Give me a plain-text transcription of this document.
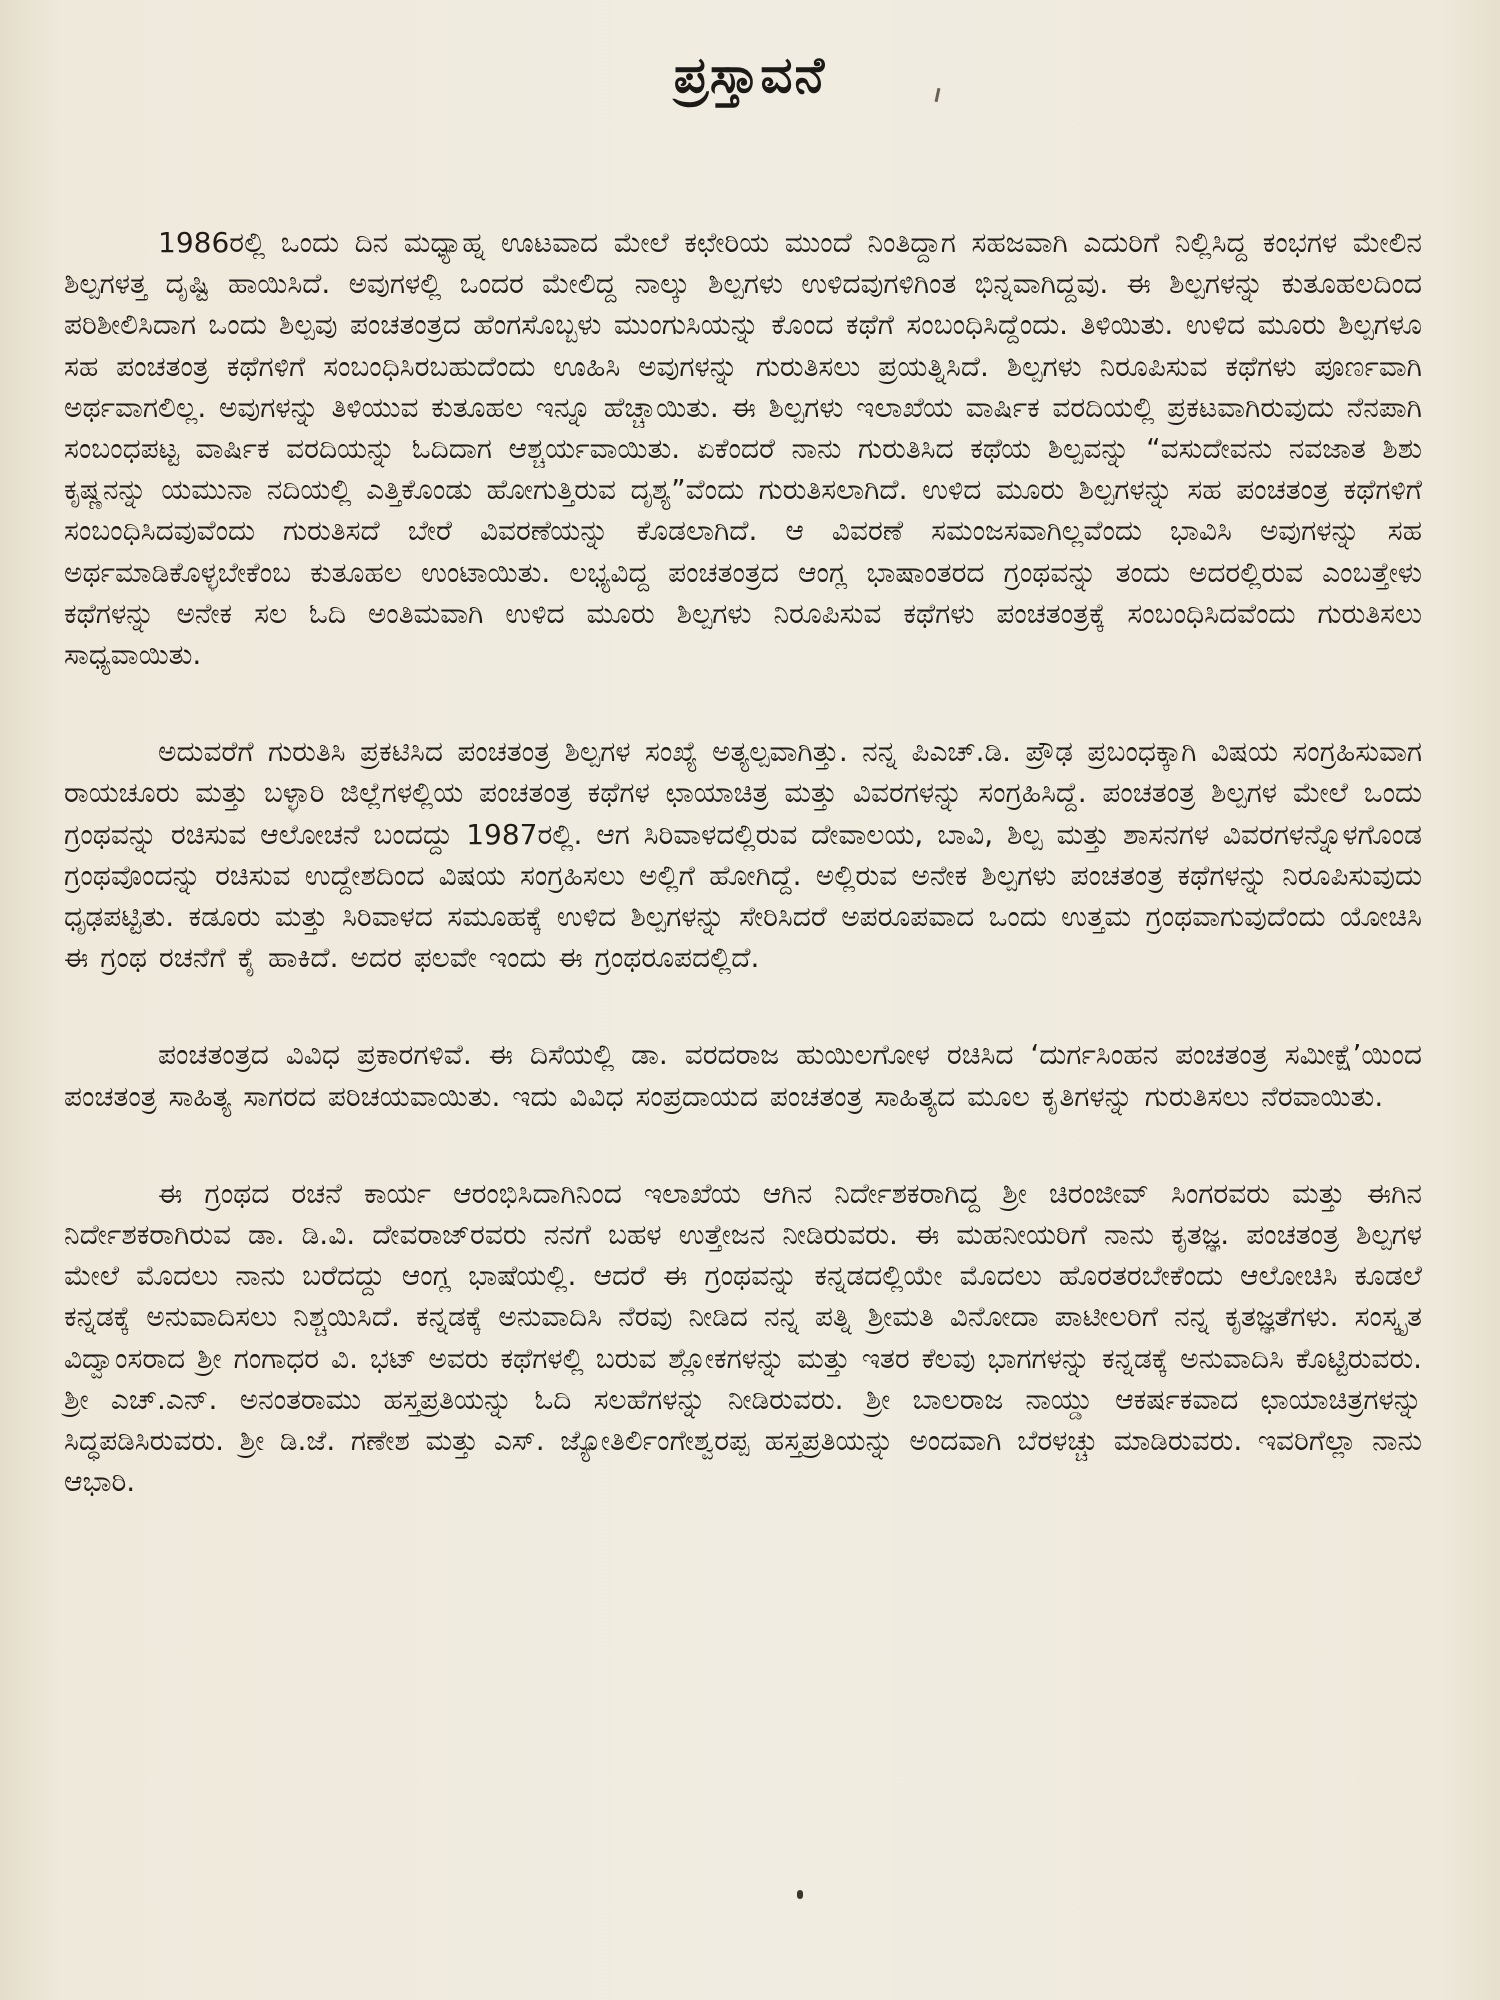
ಪ್ರಸ್ತಾವನೆ

1986ರಲ್ಲಿ ಒಂದು ದಿನ ಮಧ್ಯಾಹ್ನ ಊಟವಾದ ಮೇಲೆ ಕಛೇರಿಯ ಮುಂದೆ ನಿಂತಿದ್ದಾಗ ಸಹಜವಾಗಿ ಎದುರಿಗೆ ನಿಲ್ಲಿಸಿದ್ದ ಕಂಭಗಳ ಮೇಲಿನ ಶಿಲ್ಪಗಳತ್ತ ದೃಷ್ಟಿ ಹಾಯಿಸಿದೆ. ಅವುಗಳಲ್ಲಿ ಒಂದರ ಮೇಲಿದ್ದ ನಾಲ್ಕು ಶಿಲ್ಪಗಳು ಉಳಿದವುಗಳಿಗಿಂತ ಭಿನ್ನವಾಗಿದ್ದವು. ಈ ಶಿಲ್ಪಗಳನ್ನು ಕುತೂಹಲದಿಂದ ಪರಿಶೀಲಿಸಿದಾಗ ಒಂದು ಶಿಲ್ಪವು ಪಂಚತಂತ್ರದ ಹೆಂಗಸೊಬ್ಬಳು ಮುಂಗುಸಿಯನ್ನು ಕೊಂದ ಕಥೆಗೆ ಸಂಬಂಧಿಸಿದ್ದೆಂದು. ತಿಳಿಯಿತು. ಉಳಿದ ಮೂರು ಶಿಲ್ಪಗಳೂ ಸಹ ಪಂಚತಂತ್ರ ಕಥೆಗಳಿಗೆ ಸಂಬಂಧಿಸಿರಬಹುದೆಂದು ಊಹಿಸಿ ಅವುಗಳನ್ನು ಗುರುತಿಸಲು ಪ್ರಯತ್ನಿಸಿದೆ. ಶಿಲ್ಪಗಳು ನಿರೂಪಿಸುವ ಕಥೆಗಳು ಪೂರ್ಣವಾಗಿ ಅರ್ಥವಾಗಲಿಲ್ಲ. ಅವುಗಳನ್ನು ತಿಳಿಯುವ ಕುತೂಹಲ ಇನ್ನೂ ಹೆಚ್ಚಾಯಿತು. ಈ ಶಿಲ್ಪಗಳು ಇಲಾಖೆಯ ವಾರ್ಷಿಕ ವರದಿಯಲ್ಲಿ ಪ್ರಕಟವಾಗಿರುವುದು ನೆನಪಾಗಿ ಸಂಬಂಧಪಟ್ಟ ವಾರ್ಷಿಕ ವರದಿಯನ್ನು ಓದಿದಾಗ ಆಶ್ಚರ್ಯವಾಯಿತು. ಏಕೆಂದರೆ ನಾನು ಗುರುತಿಸಿದ ಕಥೆಯ ಶಿಲ್ಪವನ್ನು “ವಸುದೇವನು ನವಜಾತ ಶಿಶು ಕೃಷ್ಣನನ್ನು ಯಮುನಾ ನದಿಯಲ್ಲಿ ಎತ್ತಿಕೊಂಡು ಹೋಗುತ್ತಿರುವ ದೃಶ್ಯ”ವೆಂದು ಗುರುತಿಸಲಾಗಿದೆ. ಉಳಿದ ಮೂರು ಶಿಲ್ಪಗಳನ್ನು ಸಹ ಪಂಚತಂತ್ರ ಕಥೆಗಳಿಗೆ ಸಂಬಂಧಿಸಿದವುವೆಂದು ಗುರುತಿಸದೆ ಬೇರೆ ವಿವರಣೆಯನ್ನು ಕೊಡಲಾಗಿದೆ. ಆ ವಿವರಣೆ ಸಮಂಜಸವಾಗಿಲ್ಲವೆಂದು ಭಾವಿಸಿ ಅವುಗಳನ್ನು ಸಹ ಅರ್ಥಮಾಡಿಕೊಳ್ಳಬೇಕೆಂಬ ಕುತೂಹಲ ಉಂಟಾಯಿತು. ಲಭ್ಯವಿದ್ದ ಪಂಚತಂತ್ರದ ಆಂಗ್ಲ ಭಾಷಾಂತರದ ಗ್ರಂಥವನ್ನು ತಂದು ಅದರಲ್ಲಿರುವ ಎಂಬತ್ತೇಳು ಕಥೆಗಳನ್ನು ಅನೇಕ ಸಲ ಓದಿ ಅಂತಿಮವಾಗಿ ಉಳಿದ ಮೂರು ಶಿಲ್ಪಗಳು ನಿರೂಪಿಸುವ ಕಥೆಗಳು ಪಂಚತಂತ್ರಕ್ಕೆ ಸಂಬಂಧಿಸಿದವೆಂದು ಗುರುತಿಸಲು ಸಾಧ್ಯವಾಯಿತು.

ಅದುವರೆಗೆ ಗುರುತಿಸಿ ಪ್ರಕಟಿಸಿದ ಪಂಚತಂತ್ರ ಶಿಲ್ಪಗಳ ಸಂಖ್ಯೆ ಅತ್ಯಲ್ಪವಾಗಿತ್ತು. ನನ್ನ ಪಿಎಚ್.ಡಿ. ಪ್ರೌಢ ಪ್ರಬಂಧಕ್ಕಾಗಿ ವಿಷಯ ಸಂಗ್ರಹಿಸುವಾಗ ರಾಯಚೂರು ಮತ್ತು ಬಳ್ಳಾರಿ ಜಿಲ್ಲೆಗಳಲ್ಲಿಯ ಪಂಚತಂತ್ರ ಕಥೆಗಳ ಛಾಯಾಚಿತ್ರ ಮತ್ತು ವಿವರಗಳನ್ನು ಸಂಗ್ರಹಿಸಿದ್ದೆ. ಪಂಚತಂತ್ರ ಶಿಲ್ಪಗಳ ಮೇಲೆ ಒಂದು ಗ್ರಂಥವನ್ನು ರಚಿಸುವ ಆಲೋಚನೆ ಬಂದದ್ದು 1987ರಲ್ಲಿ. ಆಗ ಸಿರಿವಾಳದಲ್ಲಿರುವ ದೇವಾಲಯ, ಬಾವಿ, ಶಿಲ್ಪ ಮತ್ತು ಶಾಸನಗಳ ವಿವರಗಳನ್ನೊಳಗೊಂಡ ಗ್ರಂಥವೊಂದನ್ನು ರಚಿಸುವ ಉದ್ದೇಶದಿಂದ ವಿಷಯ ಸಂಗ್ರಹಿಸಲು ಅಲ್ಲಿಗೆ ಹೋಗಿದ್ದೆ. ಅಲ್ಲಿರುವ ಅನೇಕ ಶಿಲ್ಪಗಳು ಪಂಚತಂತ್ರ ಕಥೆಗಳನ್ನು ನಿರೂಪಿಸುವುದು ಧೃಢಪಟ್ಟಿತು. ಕಡೂರು ಮತ್ತು ಸಿರಿವಾಳದ ಸಮೂಹಕ್ಕೆ ಉಳಿದ ಶಿಲ್ಪಗಳನ್ನು ಸೇರಿಸಿದರೆ ಅಪರೂಪವಾದ ಒಂದು ಉತ್ತಮ ಗ್ರಂಥವಾಗುವುದೆಂದು ಯೋಚಿಸಿ ಈ ಗ್ರಂಥ ರಚನೆಗೆ ಕೈ ಹಾಕಿದೆ. ಅದರ ಫಲವೇ ಇಂದು ಈ ಗ್ರಂಥರೂಪದಲ್ಲಿದೆ.

ಪಂಚತಂತ್ರದ ವಿವಿಧ ಪ್ರಕಾರಗಳಿವೆ. ಈ ದಿಸೆಯಲ್ಲಿ ಡಾ. ವರದರಾಜ ಹುಯಿಲಗೋಳ ರಚಿಸಿದ ‘ದುರ್ಗಸಿಂಹನ ಪಂಚತಂತ್ರ ಸಮೀಕ್ಷೆ’ಯಿಂದ ಪಂಚತಂತ್ರ ಸಾಹಿತ್ಯ ಸಾಗರದ ಪರಿಚಯವಾಯಿತು. ಇದು ವಿವಿಧ ಸಂಪ್ರದಾಯದ ಪಂಚತಂತ್ರ ಸಾಹಿತ್ಯದ ಮೂಲ ಕೃತಿಗಳನ್ನು ಗುರುತಿಸಲು ನೆರವಾಯಿತು.

ಈ ಗ್ರಂಥದ ರಚನೆ ಕಾರ್ಯ ಆರಂಭಿಸಿದಾಗಿನಿಂದ ಇಲಾಖೆಯ ಆಗಿನ ನಿರ್ದೇಶಕರಾಗಿದ್ದ ಶ್ರೀ ಚಿರಂಜೀವ್ ಸಿಂಗರವರು ಮತ್ತು ಈಗಿನ ನಿರ್ದೇಶಕರಾಗಿರುವ ಡಾ. ಡಿ.ವಿ. ದೇವರಾಜ್‌ರವರು ನನಗೆ ಬಹಳ ಉತ್ತೇಜನ ನೀಡಿರುವರು. ಈ ಮಹನೀಯರಿಗೆ ನಾನು ಕೃತಜ್ಞ. ಪಂಚತಂತ್ರ ಶಿಲ್ಪಗಳ ಮೇಲೆ ಮೊದಲು ನಾನು ಬರೆದದ್ದು ಆಂಗ್ಲ ಭಾಷೆಯಲ್ಲಿ. ಆದರೆ ಈ ಗ್ರಂಥವನ್ನು ಕನ್ನಡದಲ್ಲಿಯೇ ಮೊದಲು ಹೊರತರಬೇಕೆಂದು ಆಲೋಚಿಸಿ ಕೂಡಲೆ ಕನ್ನಡಕ್ಕೆ ಅನುವಾದಿಸಲು ನಿಶ್ಚಯಿಸಿದೆ. ಕನ್ನಡಕ್ಕೆ ಅನುವಾದಿಸಿ ನೆರವು ನೀಡಿದ ನನ್ನ ಪತ್ನಿ ಶ್ರೀಮತಿ ವಿನೋದಾ ಪಾಟೀಲರಿಗೆ ನನ್ನ ಕೃತಜ್ಞತೆಗಳು. ಸಂಸ್ಕೃತ ವಿದ್ವಾಂಸರಾದ ಶ್ರೀ ಗಂಗಾಧರ ವಿ. ಭಟ್ ಅವರು ಕಥೆಗಳಲ್ಲಿ ಬರುವ ಶ್ಲೋಕಗಳನ್ನು ಮತ್ತು ಇತರ ಕೆಲವು ಭಾಗಗಳನ್ನು ಕನ್ನಡಕ್ಕೆ ಅನುವಾದಿಸಿ ಕೊಟ್ಟಿರುವರು. ಶ್ರೀ ಎಚ್.ಎನ್. ಅನಂತರಾಮು ಹಸ್ತಪ್ರತಿಯನ್ನು ಓದಿ ಸಲಹೆಗಳನ್ನು ನೀಡಿರುವರು. ಶ್ರೀ ಬಾಲರಾಜ ನಾಯ್ಡು ಆಕರ್ಷಕವಾದ ಛಾಯಾಚಿತ್ರಗಳನ್ನು ಸಿದ್ಧಪಡಿಸಿರುವರು. ಶ್ರೀ ಡಿ.ಜೆ. ಗಣೇಶ ಮತ್ತು ಎಸ್. ಜ್ಯೋತಿರ್ಲಿಂಗೇಶ್ವರಪ್ಪ ಹಸ್ತಪ್ರತಿಯನ್ನು ಅಂದವಾಗಿ ಬೆರಳಚ್ಚು ಮಾಡಿರುವರು. ಇವರಿಗೆಲ್ಲಾ ನಾನು ಆಭಾರಿ.
